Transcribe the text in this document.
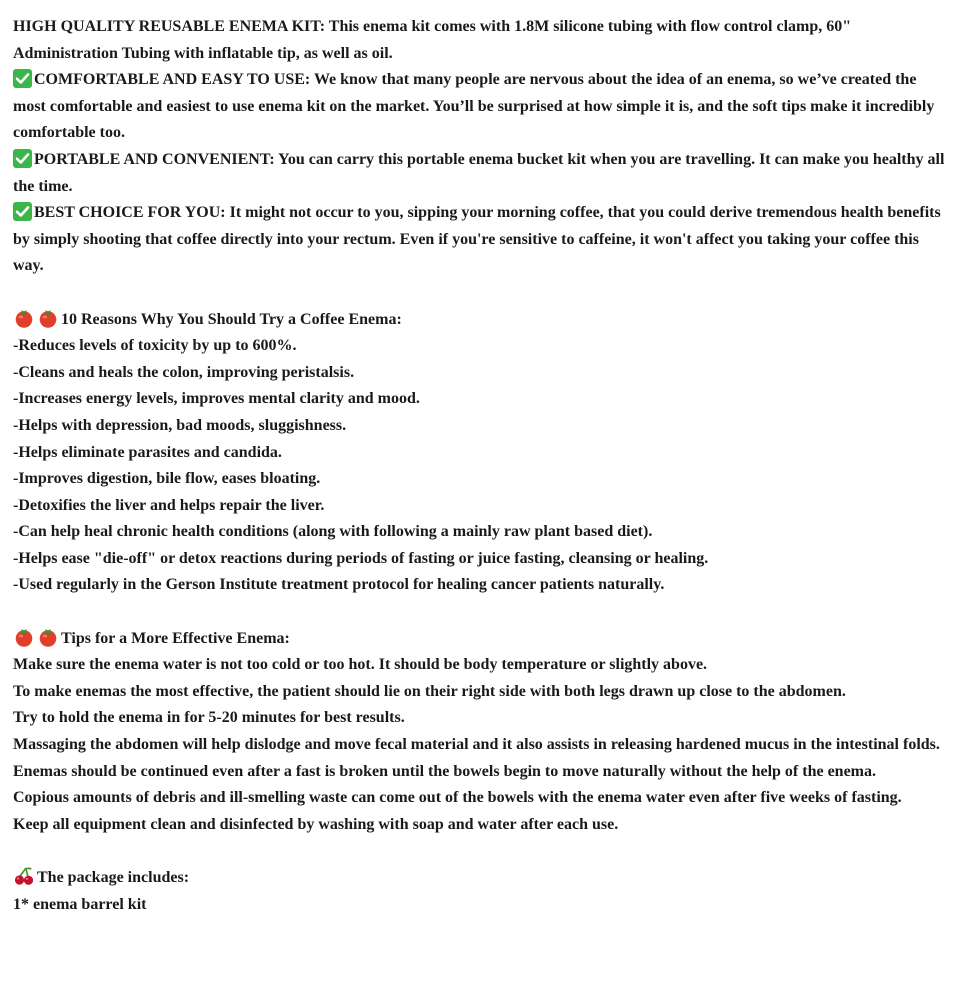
HIGH QUALITY REUSABLE ENEMA KIT: This enema kit comes with 1.8M silicone tubing with flow control clamp, 60" Administration Tubing with inflatable tip, as well as oil.

COMFORTABLE AND EASY TO USE: We know that many people are nervous about the idea of an enema, so we’ve created the most comfortable and easiest to use enema kit on the market. You’ll be surprised at how simple it is, and the soft tips make it incredibly comfortable too.

PORTABLE AND CONVENIENT: You can carry this portable enema bucket kit when you are travelling. It can make you healthy all the time.

BEST CHOICE FOR YOU: It might not occur to you, sipping your morning coffee, that you could derive tremendous health benefits by simply shooting that coffee directly into your rectum. Even if you're sensitive to caffeine, it won't affect you taking your coffee this way.

10 Reasons Why You Should Try a Coffee Enema:

-Reduces levels of toxicity by up to 600%.
-Cleans and heals the colon, improving peristalsis.
-Increases energy levels, improves mental clarity and mood.
-Helps with depression, bad moods, sluggishness.
-Helps eliminate parasites and candida.
-Improves digestion, bile flow, eases bloating.
-Detoxifies the liver and helps repair the liver.
-Can help heal chronic health conditions (along with following a mainly raw plant based diet).
-Helps ease "die-off" or detox reactions during periods of fasting or juice fasting, cleansing or healing.
-Used regularly in the Gerson Institute treatment protocol for healing cancer patients naturally.

Tips for a More Effective Enema:

Make sure the enema water is not too cold or too hot. It should be body temperature or slightly above.
To make enemas the most effective, the patient should lie on their right side with both legs drawn up close to the abdomen.
Try to hold the enema in for 5-20 minutes for best results.
Massaging the abdomen will help dislodge and move fecal material and it also assists in releasing hardened mucus in the intestinal folds.
Enemas should be continued even after a fast is broken until the bowels begin to move naturally without the help of the enema.
Copious amounts of debris and ill-smelling waste can come out of the bowels with the enema water even after five weeks of fasting.
Keep all equipment clean and disinfected by washing with soap and water after each use.

The package includes:

1* enema barrel kit
